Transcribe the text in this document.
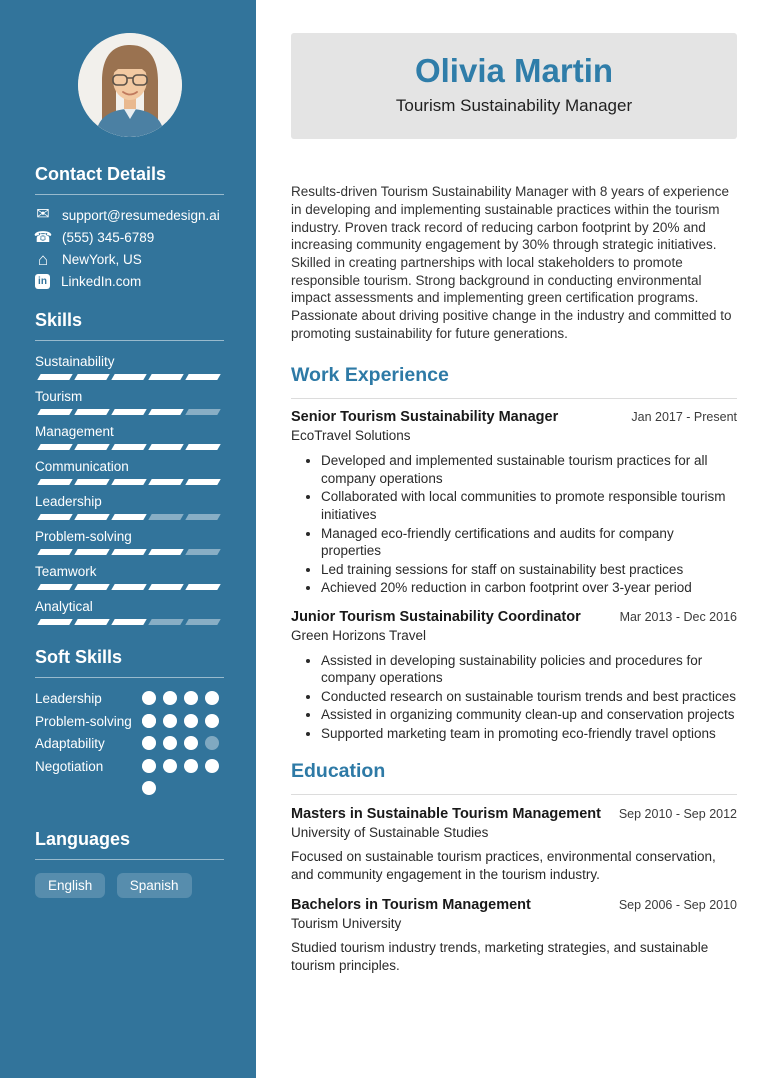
Contact Details
✉
support@resumedesign.ai
☎
(555) 345-6789
⌂
NewYork, US
in
LinkedIn.com
Skills
Sustainability
Tourism
Management
Communication
Leadership
Problem-solving
Teamwork
Analytical
Soft Skills
Leadership
Problem-solving
Adaptability
Negotiation
Languages
English	Spanish
Olivia Martin
Tourism Sustainability Manager

Results-driven Tourism Sustainability Manager with 8 years of experience in developing and implementing sustainable practices within the tourism industry. Proven track record of reducing carbon footprint by 20% and increasing community engagement by 30% through strategic initiatives. Skilled in creating partnerships with local stakeholders to promote responsible tourism. Strong background in conducting environmental impact assessments and implementing green certification programs. Passionate about driving positive change in the industry and committed to promoting sustainability for future generations.

Work Experience
Senior Tourism Sustainability Manager	Jan 2017 - Present
EcoTravel Solutions
• Developed and implemented sustainable tourism practices for all company operations
• Collaborated with local communities to promote responsible tourism initiatives
• Managed eco-friendly certifications and audits for company properties
• Led training sessions for staff on sustainability best practices
• Achieved 20% reduction in carbon footprint over 3-year period
Junior Tourism Sustainability Coordinator	Mar 2013 - Dec 2016
Green Horizons Travel
• Assisted in developing sustainability policies and procedures for company operations
• Conducted research on sustainable tourism trends and best practices
• Assisted in organizing community clean-up and conservation projects
• Supported marketing team in promoting eco-friendly travel options
Education
Masters in Sustainable Tourism Management Sep 2010 - Sep 2012
University of Sustainable Studies

Focused on sustainable tourism practices, environmental conservation, and community engagement in the tourism industry.

Bachelors in Tourism Management	Sep 2006 - Sep 2010
Tourism University

Studied tourism industry trends, marketing strategies, and sustainable tourism principles.
